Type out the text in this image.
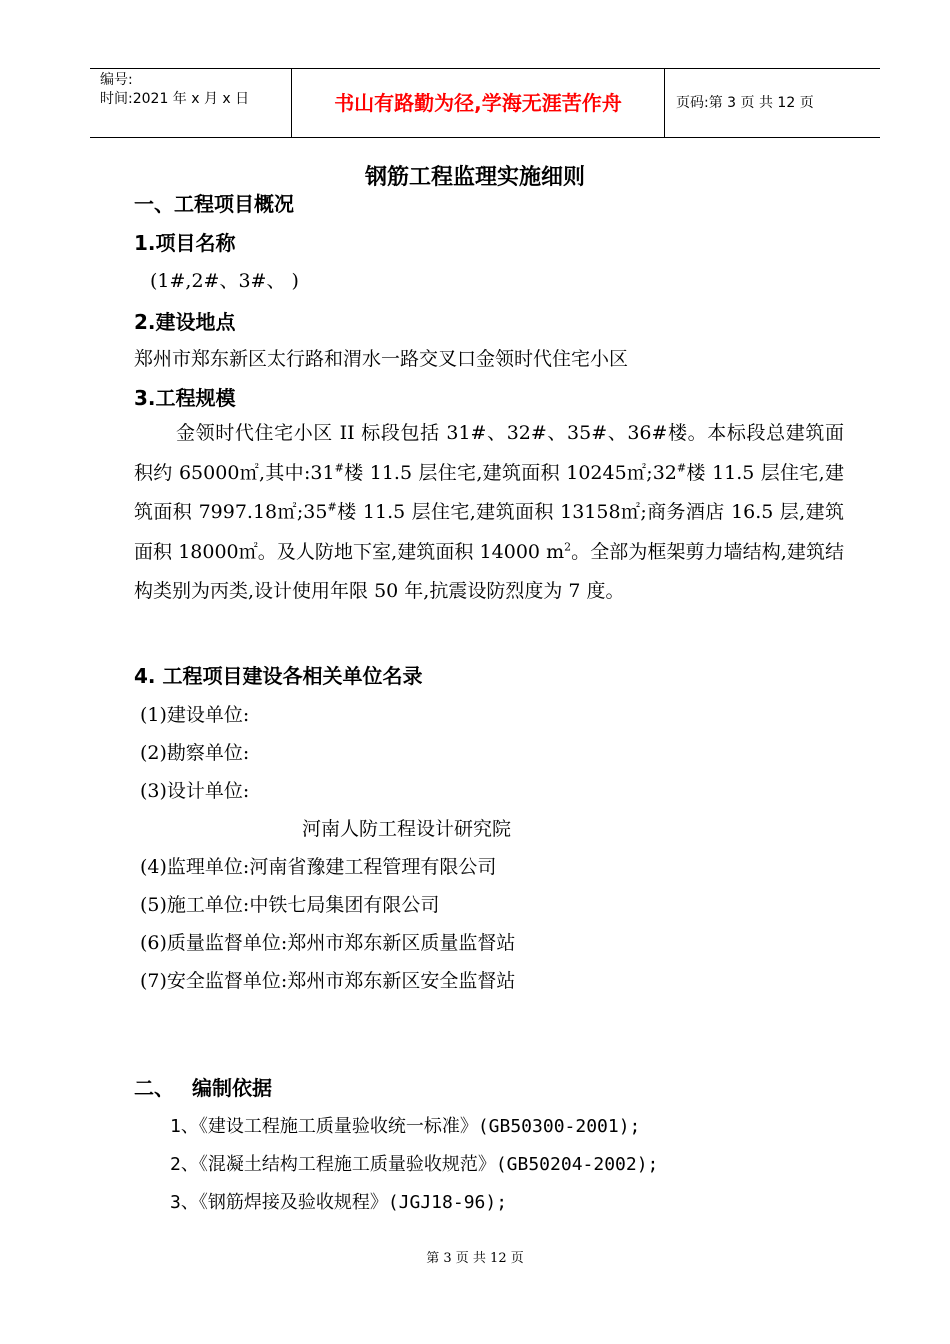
编号:
时间:2021 年 x 月 x 日	书山有路勤为径,学海无涯苦作舟	页码:第 3 页 共 12 页
钢筋工程监理实施细则
一、工程项目概况
1.项目名称
(1#,2#、3#、 )
2.建设地点
郑州市郑东新区太行路和渭水一路交叉口金领时代住宅小区
3.工程规模
金领时代住宅小区 II 标段包括 31#、32#、35#、36#楼。本标段总建筑面积约 65000㎡,其中:31#楼 11.5 层住宅,建筑面积 10245㎡;32#楼 11.5 层住宅,建筑面积 7997.18㎡;35#楼 11.5 层住宅,建筑面积 13158㎡;商务酒店 16.5 层,建筑面积 18000㎡。及人防地下室,建筑面积 14000 $m^2$。全部为框架剪力墙结构,建筑结构类别为丙类,设计使用年限 50 年,抗震设防烈度为 7 度。
4. 工程项目建设各相关单位名录
(1)建设单位:
(2)勘察单位:
(3)设计单位:
河南人防工程设计研究院
(4)监理单位:河南省豫建工程管理有限公司
(5)施工单位:中铁七局集团有限公司
(6)质量监督单位:郑州市郑东新区质量监督站
(7)安全监督单位:郑州市郑东新区安全监督站
二、 编制依据
1、《建设工程施工质量验收统一标准》(GB50300-2001);
2、《混凝土结构工程施工质量验收规范》(GB50204-2002);
3、《钢筋焊接及验收规程》(JGJ18-96);
第 3 页 共 12 页
